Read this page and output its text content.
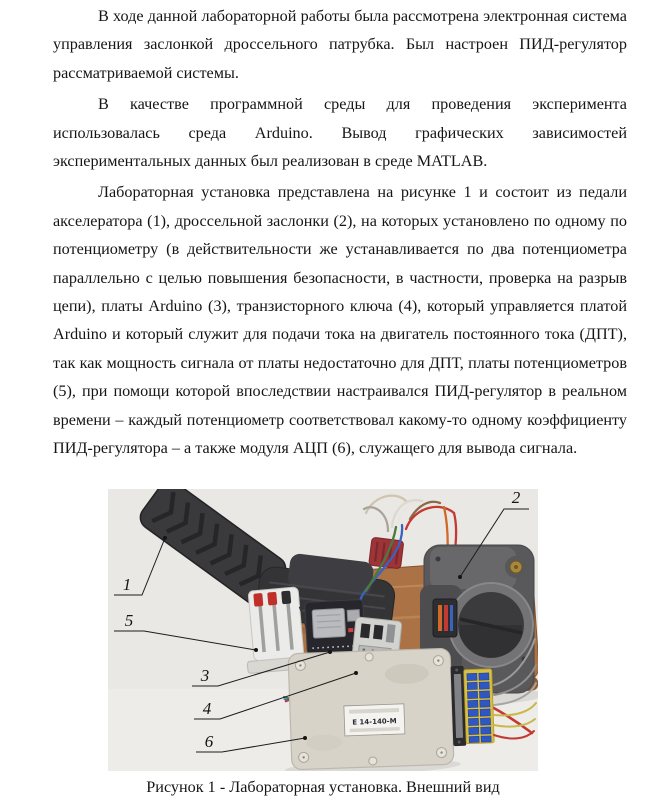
В ходе данной лабораторной работы была рассмотрена электронная система управления заслонкой дроссельного патрубка. Был настроен ПИД-регулятор рассматриваемой системы.

В качестве программной среды для проведения эксперимента использовалась среда Arduino. Вывод графических зависимостей экспериментальных данных был реализован в среде MATLAB.

Лабораторная установка представлена на рисунке 1 и состоит из педали акселератора (1), дроссельной заслонки (2), на которых установлено по одному по потенциометру (в действительности же устанавливается по два потенциометра параллельно с целью повышения безопасности, в частности, проверка на разрыв цепи), платы Arduino (3), транзисторного ключа (4), который управляется платой Arduino и который служит для подачи тока на двигатель постоянного тока (ДПТ), так как мощность сигнала от платы недостаточно для ДПТ, платы потенциометров (5), при помощи которой впоследствии настраивался ПИД-регулятор в реальном времени – каждый потенциометр соответствовал какому-то одному коэффициенту ПИД-регулятора – а также модуля АЦП (6), служащего для вывода сигнала.

E 14-140-M
1
2
3
4
5
6
Рисунок 1 - Лабораторная установка. Внешний вид
